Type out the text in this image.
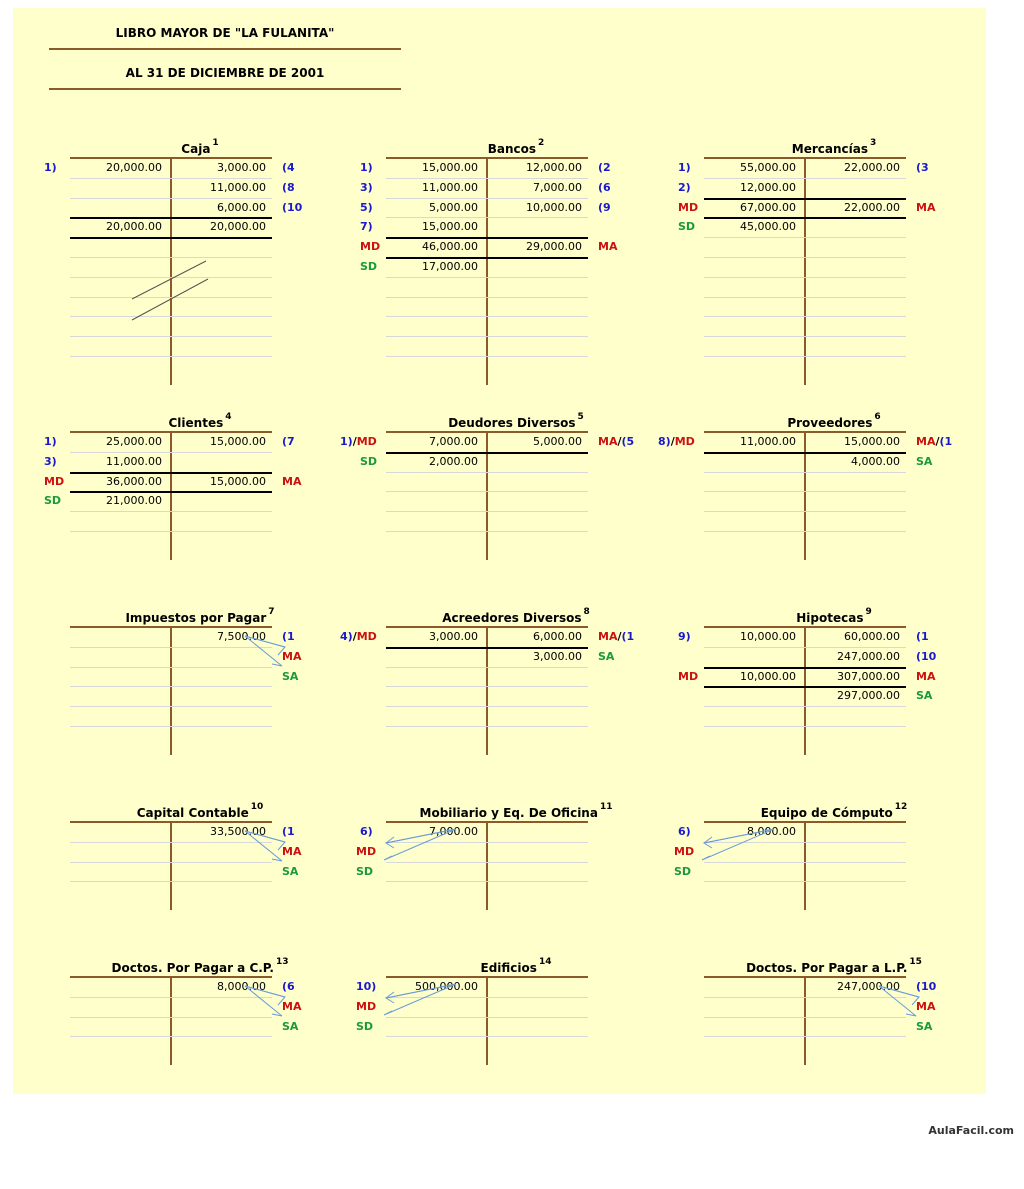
LIBRO MAYOR DE "LA FULANITA"
AL 31 DE DICIEMBRE DE 2001
Caja $^1$
20,000.00
1)
20,000.00
3,000.00 (4
11,000.00 (8
6,000.00 (10
20,000.00
Bancos $^2$
15,000.00
1)
11,000.00
3)
5,000.00
5)
15,000.00
7)
46,000.00
MD
17,000.00
SD
12,000.00 (2
7,000.00 (6
10,000.00 (9
29,000.00 MA
Mercancías $^3$
55,000.00
1)
12,000.00
2)
67,000.00
MD
45,000.00
SD
22,000.00 (3
22,000.00 MA
Clientes $^4$
25,000.00
1)
11,000.00
3)
36,000.00
MD
21,000.00
SD
15,000.00 (7
15,000.00 MA
Deudores Diversos $^5$
7,000.00
1)/MD
2,000.00
SD
5,000.00 MA/(5
Proveedores $^6$
11,000.00
8)/MD	15,000.00 MA/(1
4,000.00 SA
Impuestos por Pagar $^7$
7,500.00 (1
MA
SA
Acreedores Diversos $^8$
3,000.00
4)/MD	6,000.00 MA/(1
3,000.00 SA
Hipotecas $^9$
10,000.00
9)
10,000.00
MD
60,000.00 (1
247,000.00 (10
307,000.00 MA
297,000.00 SA
Capital Contable $^{10}$
33,500.00 (1
MA
SA
Mobiliario y Eq. De Oficina $^{11}$
7,000.00
6)
MD
SD
Equipo de Cómputo $^{12}$
8,000.00
6)
MD
SD
Doctos. Por Pagar a C.P. $^{13}$
8,000.00 (6
MA
SA
Edificios $^{14}$
500,000.00
10)
MD
SD
Doctos. Por Pagar a L.P. $^{15}$
247,000.00 (10
MA
SA
AulaFacil.com
